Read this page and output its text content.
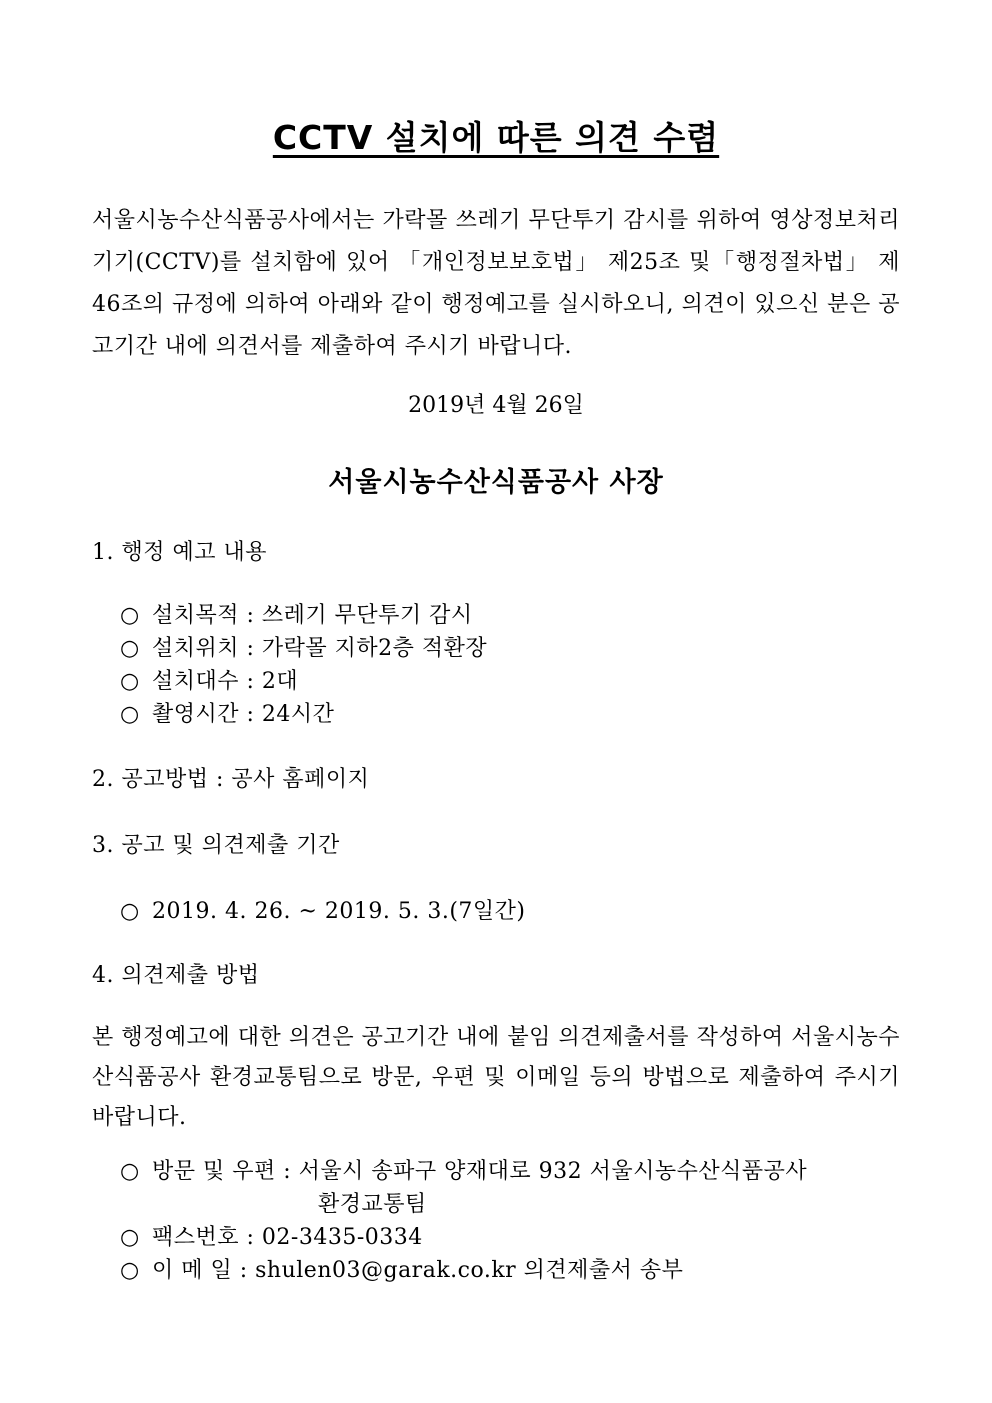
CCTV 설치에 따른 의견 수렴
서울시농수산식품공사에서는 가락몰 쓰레기 무단투기 감시를 위하여 영상정보처리기기(CCTV)를 설치함에 있어 「개인정보보호법」 제25조 및「행정절차법」 제46조의 규정에 의하여 아래와 같이 행정예고를 실시하오니, 의견이 있으신 분은 공고기간 내에 의견서를 제출하여 주시기 바랍니다.
2019년 4월 26일
서울시농수산식품공사 사장
1. 행정 예고 내용
○ 설치목적 : 쓰레기 무단투기 감시
○ 설치위치 : 가락몰 지하2층 적환장
○ 설치대수 : 2대
○ 촬영시간 : 24시간
2. 공고방법 : 공사 홈페이지
3. 공고 및 의견제출 기간
○ 2019. 4. 26. ~ 2019. 5. 3.(7일간)
4. 의견제출 방법
본 행정예고에 대한 의견은 공고기간 내에 붙임 의견제출서를 작성하여 서울시농수산식품공사 환경교통팀으로 방문, 우편 및 이메일 등의 방법으로 제출하여 주시기 바랍니다.
○ 방문 및 우편 : 서울시 송파구 양재대로 932 서울시농수산식품공사
환경교통팀
○ 팩스번호 : 02-3435-0334
○ 이 메 일 : shulen03@garak.co.kr 의견제출서 송부
